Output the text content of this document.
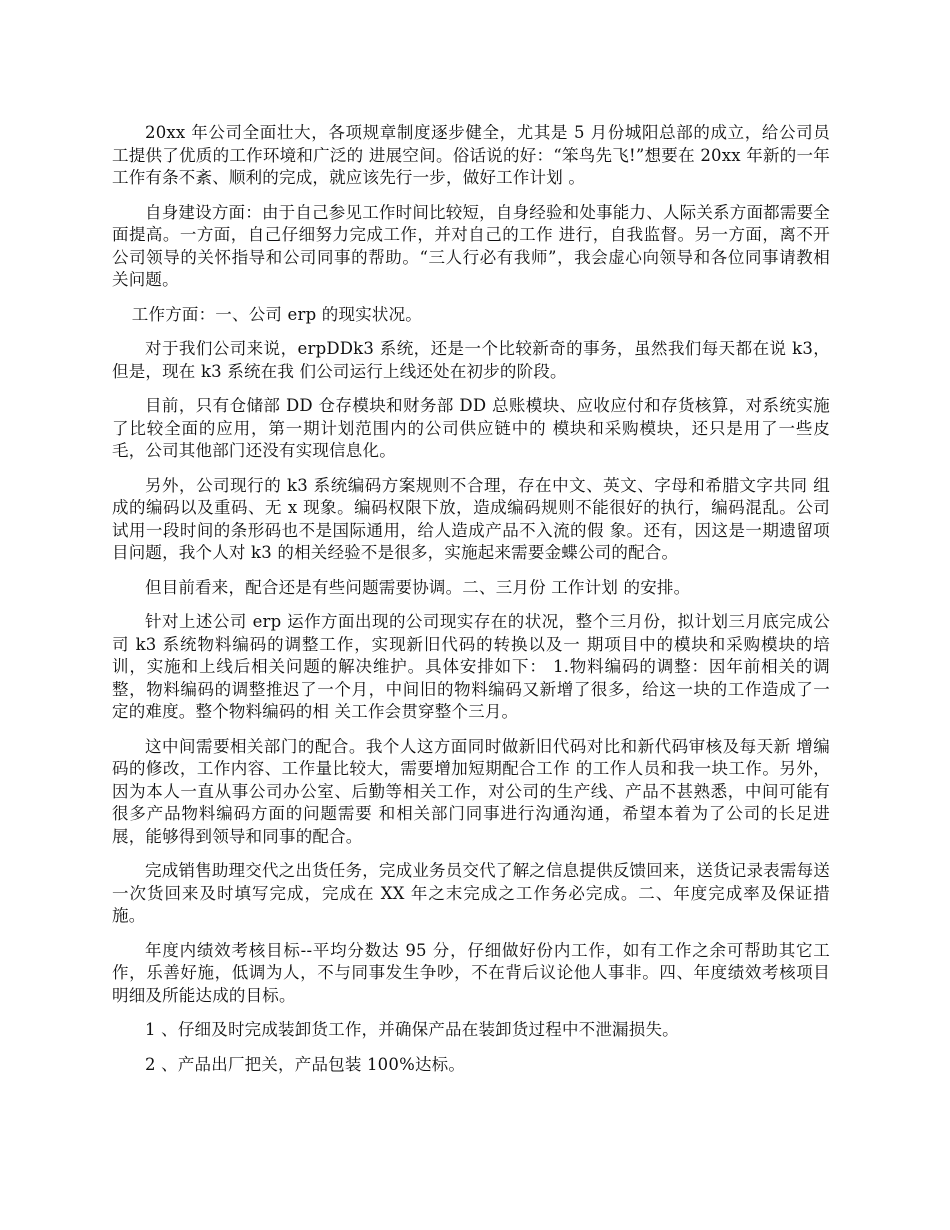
20xx 年公司全面壮大，各项规章制度逐步健全，尤其是 5 月份城阳总部的成立，给公司员工提供了优质的工作环境和广泛的 进展空间。俗话说的好：“笨鸟先飞!”想要在 20xx 年新的一年工作有条不紊、顺利的完成，就应该先行一步，做好工作计划 。

自身建设方面：由于自己参见工作时间比较短，自身经验和处事能力、人际关系方面都需要全面提高。一方面，自己仔细努力完成工作，并对自己的工作 进行，自我监督。另一方面，离不开公司领导的关怀指导和公司同事的帮助。“三人行必有我师”，我会虚心向领导和各位同事请教相关问题。

工作方面：一、公司 erp 的现实状况。

对于我们公司来说，erpDDk3 系统，还是一个比较新奇的事务，虽然我们每天都在说 k3，但是，现在 k3 系统在我 们公司运行上线还处在初步的阶段。

目前，只有仓储部 DD 仓存模块和财务部 DD 总账模块、应收应付和存货核算，对系统实施了比较全面的应用，第一期计划范围内的公司供应链中的 模块和采购模块，还只是用了一些皮毛，公司其他部门还没有实现信息化。

另外，公司现行的 k3 系统编码方案规则不合理，存在中文、英文、字母和希腊文字共同 组成的编码以及重码、无 x 现象。编码权限下放，造成编码规则不能很好的执行，编码混乱。公司试用一段时间的条形码也不是国际通用，给人造成产品不入流的假 象。还有，因这是一期遗留项目问题，我个人对 k3 的相关经验不是很多，实施起来需要金蝶公司的配合。

但目前看来，配合还是有些问题需要协调。二、三月份 工作计划 的安排。

针对上述公司 erp 运作方面出现的公司现实存在的状况，整个三月份，拟计划三月底完成公司 k3 系统物料编码的调整工作，实现新旧代码的转换以及一 期项目中的模块和采购模块的培训，实施和上线后相关问题的解决维护。具体安排如下： 1.物料编码的调整：因年前相关的调整，物料编码的调整推迟了一个月，中间旧的物料编码又新增了很多，给这一块的工作造成了一定的难度。整个物料编码的相 关工作会贯穿整个三月。

这中间需要相关部门的配合。我个人这方面同时做新旧代码对比和新代码审核及每天新 增编码的修改，工作内容、工作量比较大，需要增加短期配合工作 的工作人员和我一块工作。另外，因为本人一直从事公司办公室、后勤等相关工作，对公司的生产线、产品不甚熟悉，中间可能有很多产品物料编码方面的问题需要 和相关部门同事进行沟通沟通，希望本着为了公司的长足进展，能够得到领导和同事的配合。

完成销售助理交代之出货任务，完成业务员交代了解之信息提供反馈回来，送货记录表需每送一次货回来及时填写完成，完成在 XX 年之末完成之工作务必完成。二、年度完成率及保证措施。

年度内绩效考核目标--平均分数达 95 分，仔细做好份内工作，如有工作之余可帮助其它工作，乐善好施，低调为人，不与同事发生争吵，不在背后议论他人事非。四、年度绩效考核项目明细及所能达成的目标。

1 、仔细及时完成装卸货工作，并确保产品在装卸货过程中不泄漏损失。

2 、产品出厂把关，产品包装 100%达标。
